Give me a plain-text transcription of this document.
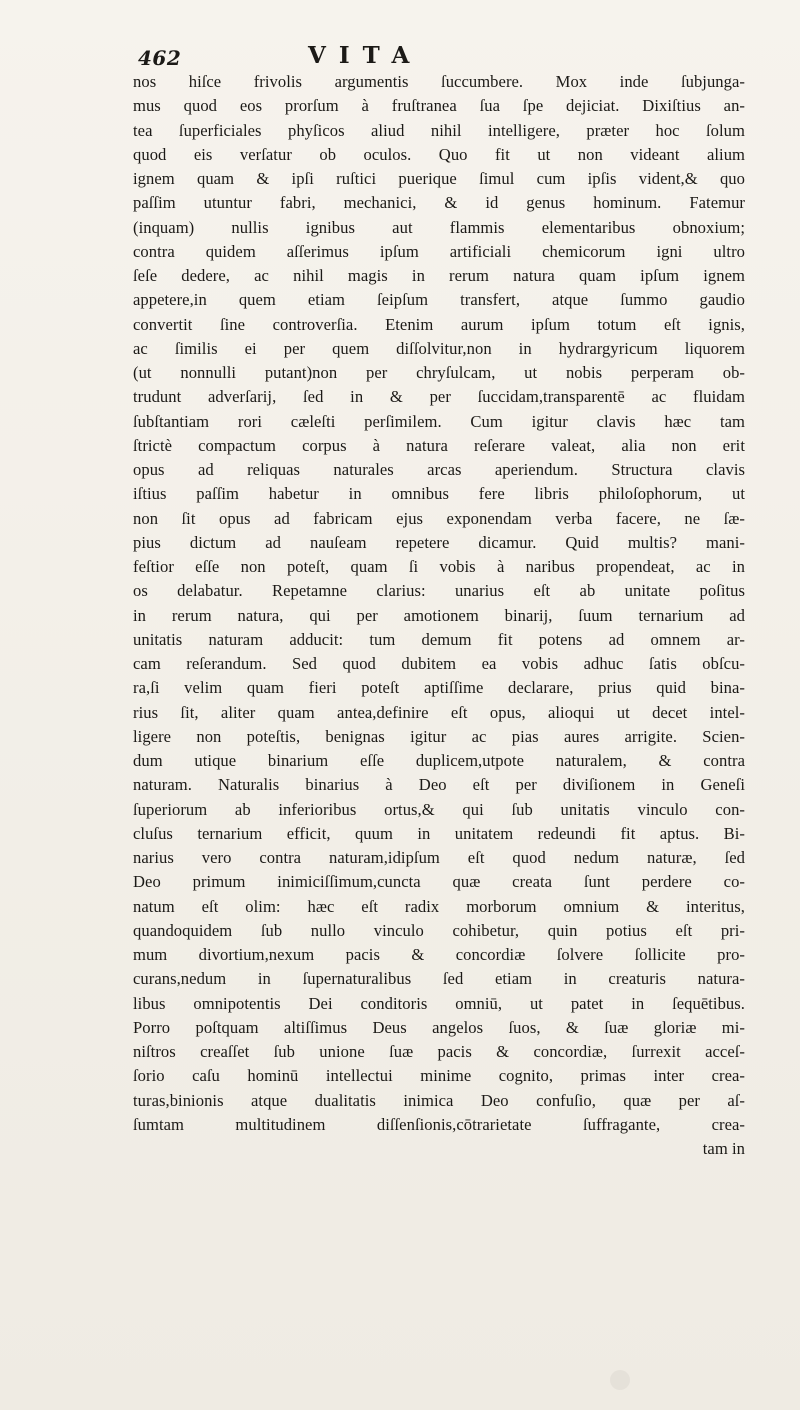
462	VITA
nos hiſce frivolis argumentis ſuccumbere. Mox inde ſubjunga-
mus quod eos prorſum à fruſtranea ſua ſpe dejiciat. Dixiſtius an-
tea ſuperficiales phyſicos aliud nihil intelligere, præter hoc ſolum
quod eis verſatur ob oculos. Quo fit ut non videant alium
ignem quam & ipſi ruſtici puerique ſimul cum ipſis vident,& quo
paſſim utuntur fabri, mechanici, & id genus hominum. Fatemur
(inquam) nullis ignibus aut flammis elementaribus obnoxium;
contra quidem aſſerimus ipſum artificiali chemicorum igni ultro
ſeſe dedere, ac nihil magis in rerum natura quam ipſum ignem
appetere,in quem etiam ſeipſum transfert, atque ſummo gaudio
convertit ſine controverſia. Etenim aurum ipſum totum eſt ignis,
ac ſimilis ei per quem diſſolvitur,non in hydrargyricum liquorem
(ut nonnulli putant)non per chryſulcam, ut nobis perperam ob-
trudunt adverſarij, ſed in & per ſuccidam,transparentē ac fluidam
ſubſtantiam rori cæleſti perſimilem. Cum igitur clavis hæc tam
ſtrictè compactum corpus à natura reſerare valeat, alia non erit
opus ad reliquas naturales arcas aperiendum. Structura clavis
iſtius paſſim habetur in omnibus fere libris philoſophorum, ut
non ſit opus ad fabricam ejus exponendam verba facere, ne ſæ-
pius dictum ad nauſeam repetere dicamur. Quid multis? mani-
feſtior eſſe non poteſt, quam ſi vobis à naribus propendeat, ac in
os delabatur. Repetamne clarius: unarius eſt ab unitate poſitus
in rerum natura, qui per amotionem binarij, ſuum ternarium ad
unitatis naturam adducit: tum demum fit potens ad omnem ar-
cam reſerandum. Sed quod dubitem ea vobis adhuc ſatis obſcu-
ra,ſi velim quam fieri poteſt aptiſſime declarare, prius quid bina-
rius ſit, aliter quam antea,definire eſt opus, alioqui ut decet intel-
ligere non poteſtis, benignas igitur ac pias aures arrigite. Scien-
dum utique binarium eſſe duplicem,utpote naturalem, & contra
naturam. Naturalis binarius à Deo eſt per diviſionem in Geneſi
ſuperiorum ab inferioribus ortus,& qui ſub unitatis vinculo con-
cluſus ternarium efficit, quum in unitatem redeundi fit aptus. Bi-
narius vero contra naturam,idipſum eſt quod nedum naturæ, ſed
Deo primum inimiciſſimum,cuncta quæ creata ſunt perdere co-
natum eſt olim: hæc eſt radix morborum omnium & interitus,
quandoquidem ſub nullo vinculo cohibetur, quin potius eſt pri-
mum divortium,nexum pacis & concordiæ ſolvere ſollicite pro-
curans,nedum in ſupernaturalibus ſed etiam in creaturis natura-
libus omnipotentis Dei conditoris omniū, ut patet in ſequētibus.
Porro poſtquam altiſſimus Deus angelos ſuos, & ſuæ gloriæ mi-
niſtros creaſſet ſub unione ſuæ pacis & concordiæ, ſurrexit acceſ-
ſorio caſu hominū intellectui minime cognito, primas inter crea-
turas,binionis atque dualitatis inimica Deo confuſio, quæ per aſ-
ſumtam multitudinem diſſenſionis,cōtrarietate ſuffragante, crea-
tam in
